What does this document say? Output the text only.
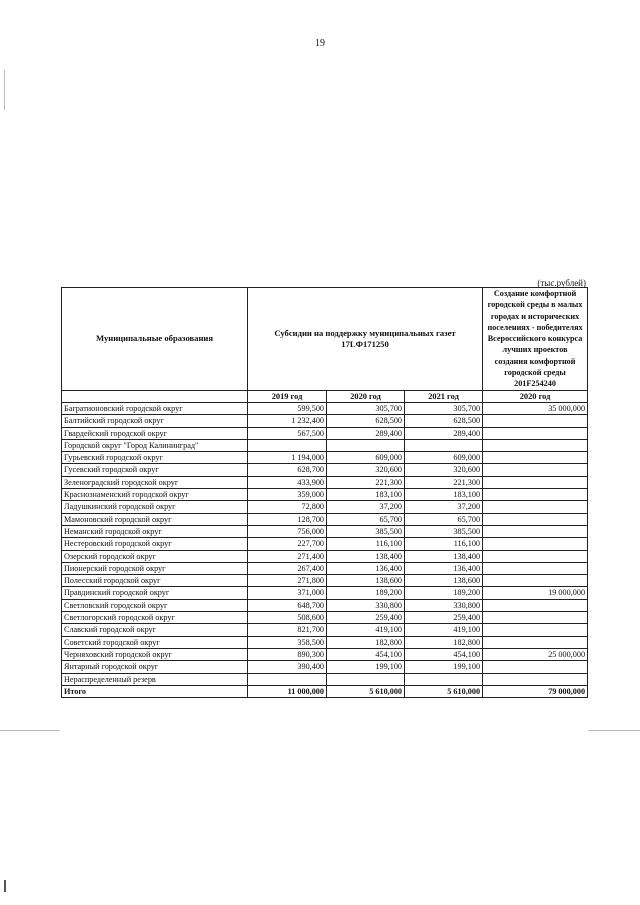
19
(тыс.рублей)
Муниципальные образования	Субсидии на поддержку муниципальных газет 17LФ171250			Создание комфортной городской среды в малых городах и исторических поселениях - победителях Всероссийского конкурса лучших проектов создания комфортной городской среды 201F254240

	2019 год	2020 год	2021 год	2020 год
Багратионовский городской округ	599,500	305,700	305,700	35 000,000
Балтийский городской округ	1 232,400	628,500	628,500	
Гвардейский городской округ	567,500	289,400	289,400	
Городской округ "Город Калининград"				
Гурьевский городской округ	1 194,000	609,000	609,000	
Гусевский городской округ	628,700	320,600	320,600	
Зеленоградский городской округ	433,900	221,300	221,300	
Краснознаменский городской округ	359,000	183,100	183,100	
Ладушкинский городской округ	72,800	37,200	37,200	
Мамоновский городской округ	128,700	65,700	65,700	
Неманский городской округ	756,000	385,500	385,500	
Нестеровский городской округ	227,700	116,100	116,100	
Озерский городской округ	271,400	138,400	138,400	
Пионерский городской округ	267,400	136,400	136,400	
Полесский городской округ	271,800	138,600	138,600	
Правдинский городской округ	371,000	189,200	189,200	19 000,000
Светловский городской округ	648,700	330,800	330,800	
Светлогорский городской округ	508,600	259,400	259,400	
Славский городской округ	821,700	419,100	419,100	
Советский городской округ	358,500	182,800	182,800	
Черняховский городской округ	890,300	454,100	454,100	25 000,000
Янтарный городской округ	390,400	199,100	199,100	
Нераспределенный резерв				
Итого	11 000,000	5 610,000	5 610,000	79 000,000
